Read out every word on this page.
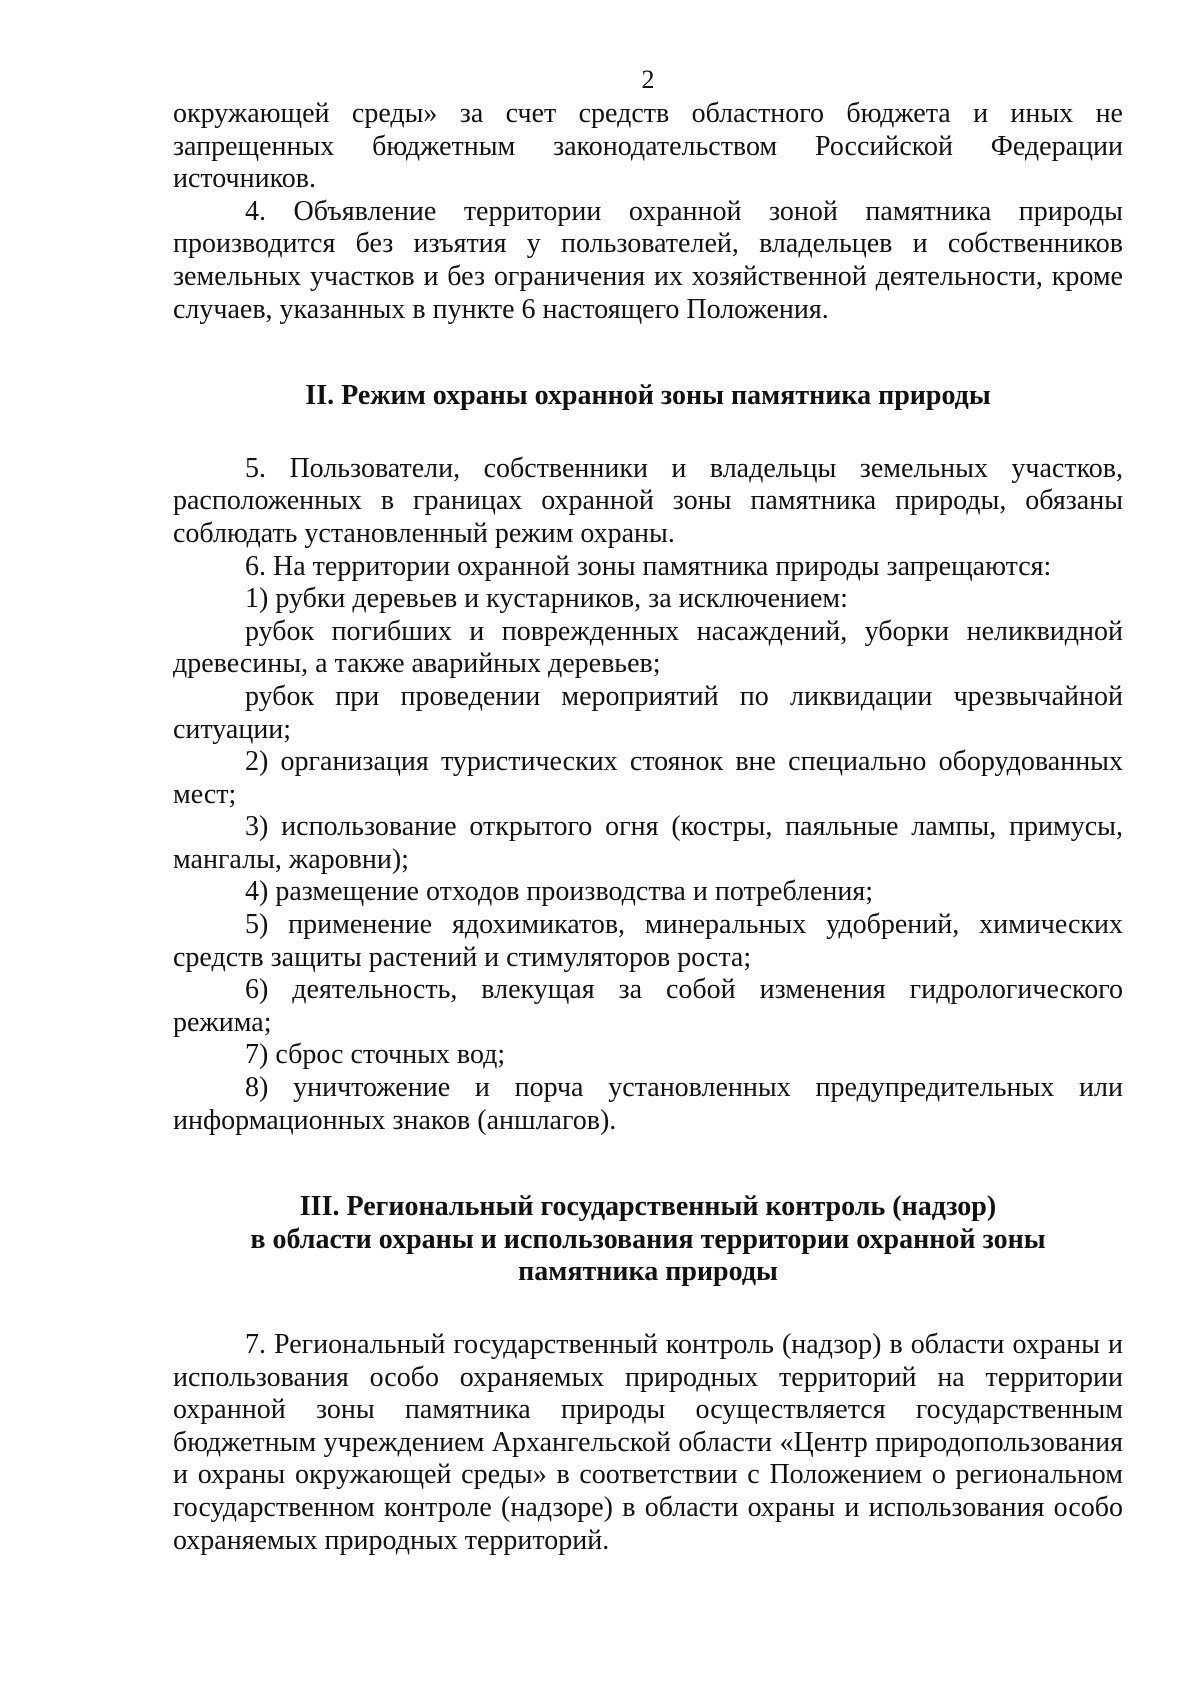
2

окружающей среды» за счет средств областного бюджета и иных не запрещенных бюджетным законодательством Российской Федерации источников.

4. Объявление территории охранной зоной памятника природы производится без изъятия у пользователей, владельцев и собственников земельных участков и без ограничения их хозяйственной деятельности, кроме случаев, указанных в пункте 6 настоящего Положения.

II. Режим охраны охранной зоны памятника природы

5. Пользователи, собственники и владельцы земельных участков, расположенных в границах охранной зоны памятника природы, обязаны соблюдать установленный режим охраны.

6. На территории охранной зоны памятника природы запрещаются:

1) рубки деревьев и кустарников, за исключением:

рубок погибших и поврежденных насаждений, уборки неликвидной древесины, а также аварийных деревьев;

рубок при проведении мероприятий по ликвидации чрезвычайной ситуации;

2) организация туристических стоянок вне специально оборудованных мест;

3) использование открытого огня (костры, паяльные лампы, примусы, мангалы, жаровни);

4) размещение отходов производства и потребления;

5) применение ядохимикатов, минеральных удобрений, химических средств защиты растений и стимуляторов роста;

6) деятельность, влекущая за собой изменения гидрологического режима;

7) сброс сточных вод;

8) уничтожение и порча установленных предупредительных или информационных знаков (аншлагов).

III. Региональный государственный контроль (надзор)
в области охраны и использования территории охранной зоны
памятника природы

7. Региональный государственный контроль (надзор) в области охраны и использования особо охраняемых природных территорий на территории охранной зоны памятника природы осуществляется государственным бюджетным учреждением Архангельской области «Центр природопользования и охраны окружающей среды» в соответствии с Положением о региональном государственном контроле (надзоре) в области охраны и использования особо охраняемых природных территорий.
